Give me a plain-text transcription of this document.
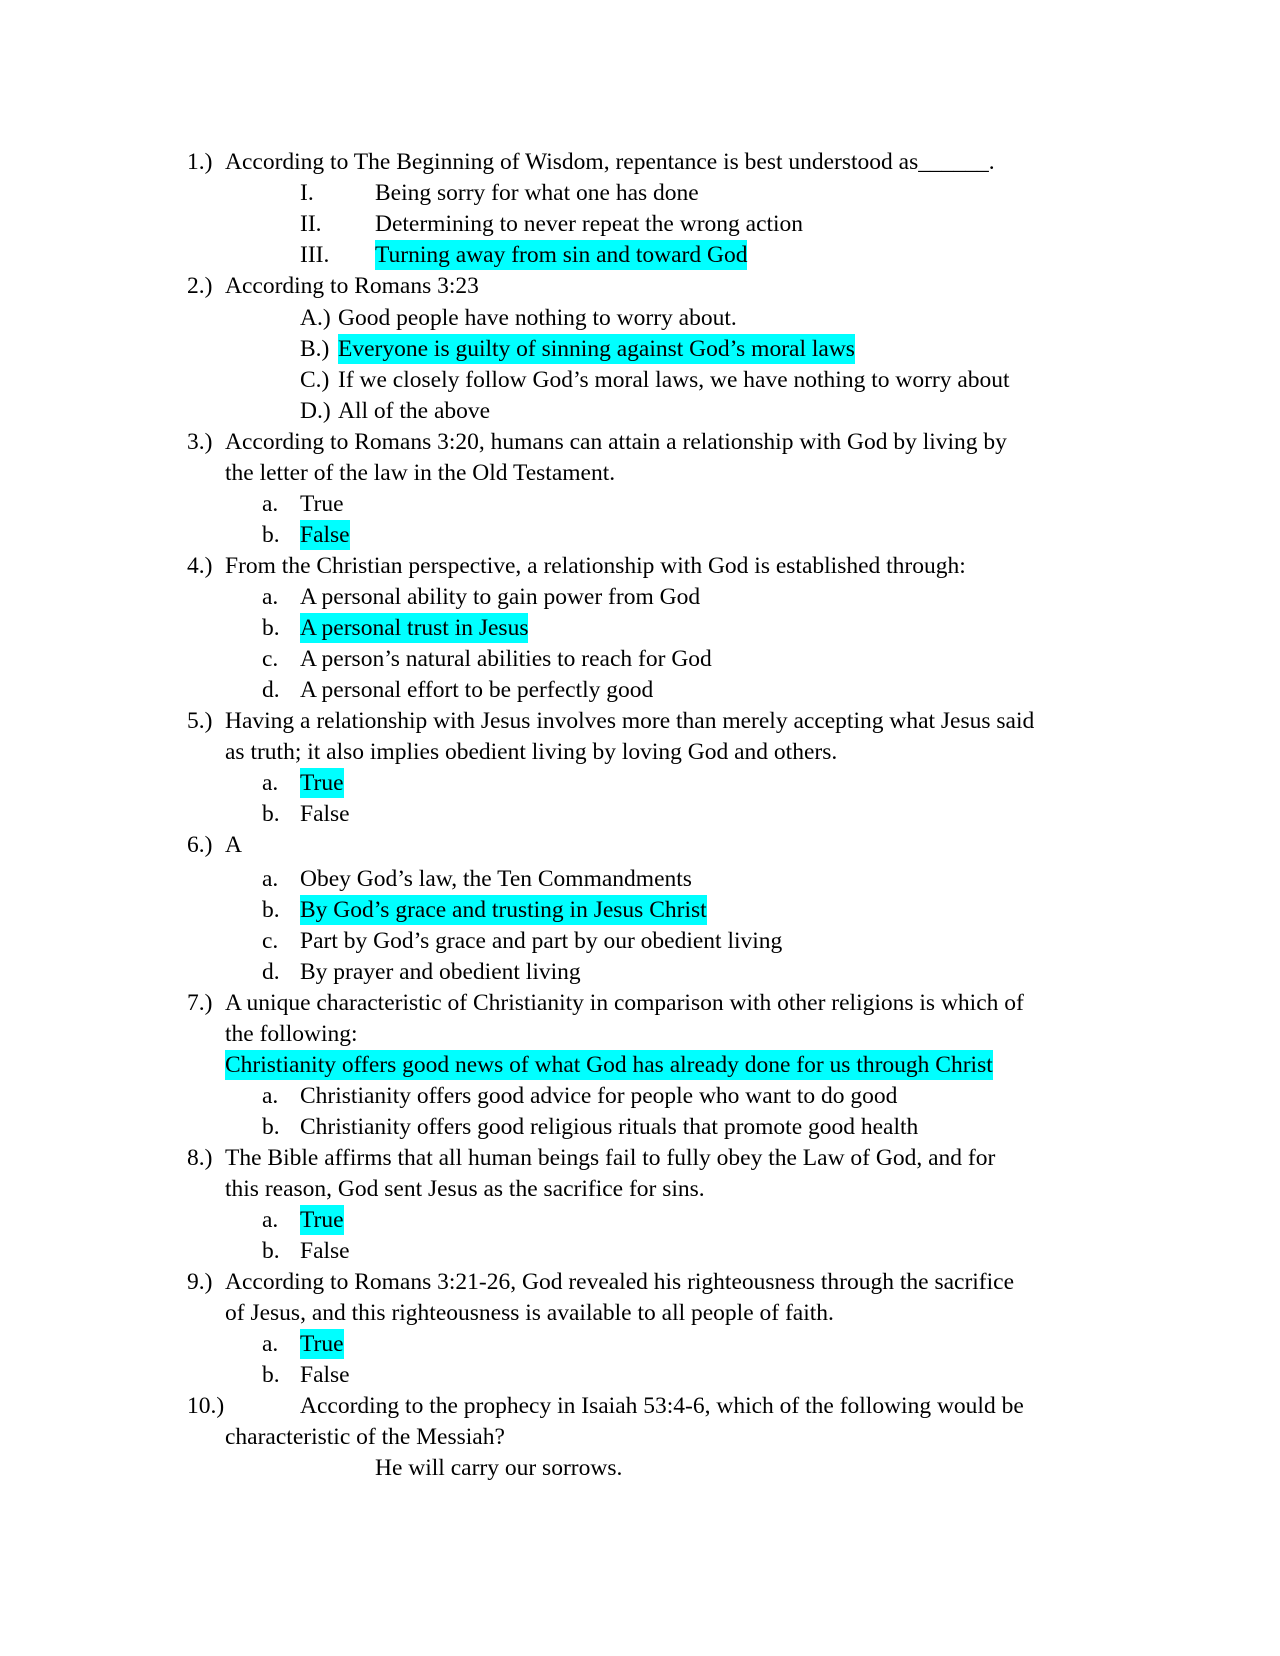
1.) According to The Beginning of Wisdom, repentance is best understood as______.
I.	Being sorry for what one has done
II. Determining to never repeat the wrong action
III. Turning away from sin and toward God
2.) According to Romans 3:23
A.) Good people have nothing to worry about.
B.) Everyone is guilty of sinning against God’s moral laws
C.) If we closely follow God’s moral laws, we have nothing to worry about
D.) All of the above
3.) According to Romans 3:20, humans can attain a relationship with God by living by
the letter of the law in the Old Testament.
a. True
b. False
4.) From the Christian perspective, a relationship with God is established through:
a. A personal ability to gain power from God
b. A personal trust in Jesus
c. A person’s natural abilities to reach for God
d. A personal effort to be perfectly good
5.) Having a relationship with Jesus involves more than merely accepting what Jesus said
as truth; it also implies obedient living by loving God and others.
a. True
b. False
6.) A
a. Obey God’s law, the Ten Commandments
b. By God’s grace and trusting in Jesus Christ
c. Part by God’s grace and part by our obedient living
d. By prayer and obedient living
7.) A unique characteristic of Christianity in comparison with other religions is which of
the following:
Christianity offers good news of what God has already done for us through Christ
a. Christianity offers good advice for people who want to do good
b. Christianity offers good religious rituals that promote good health
8.) The Bible affirms that all human beings fail to fully obey the Law of God, and for
this reason, God sent Jesus as the sacrifice for sins.
a. True
b. False
9.) According to Romans 3:21-26, God revealed his righteousness through the sacrifice
of Jesus, and this righteousness is available to all people of faith.
a. True
b. False
10.)	According to the prophecy in Isaiah 53:4-6, which of the following would be
characteristic of the Messiah?
He will carry our sorrows.
